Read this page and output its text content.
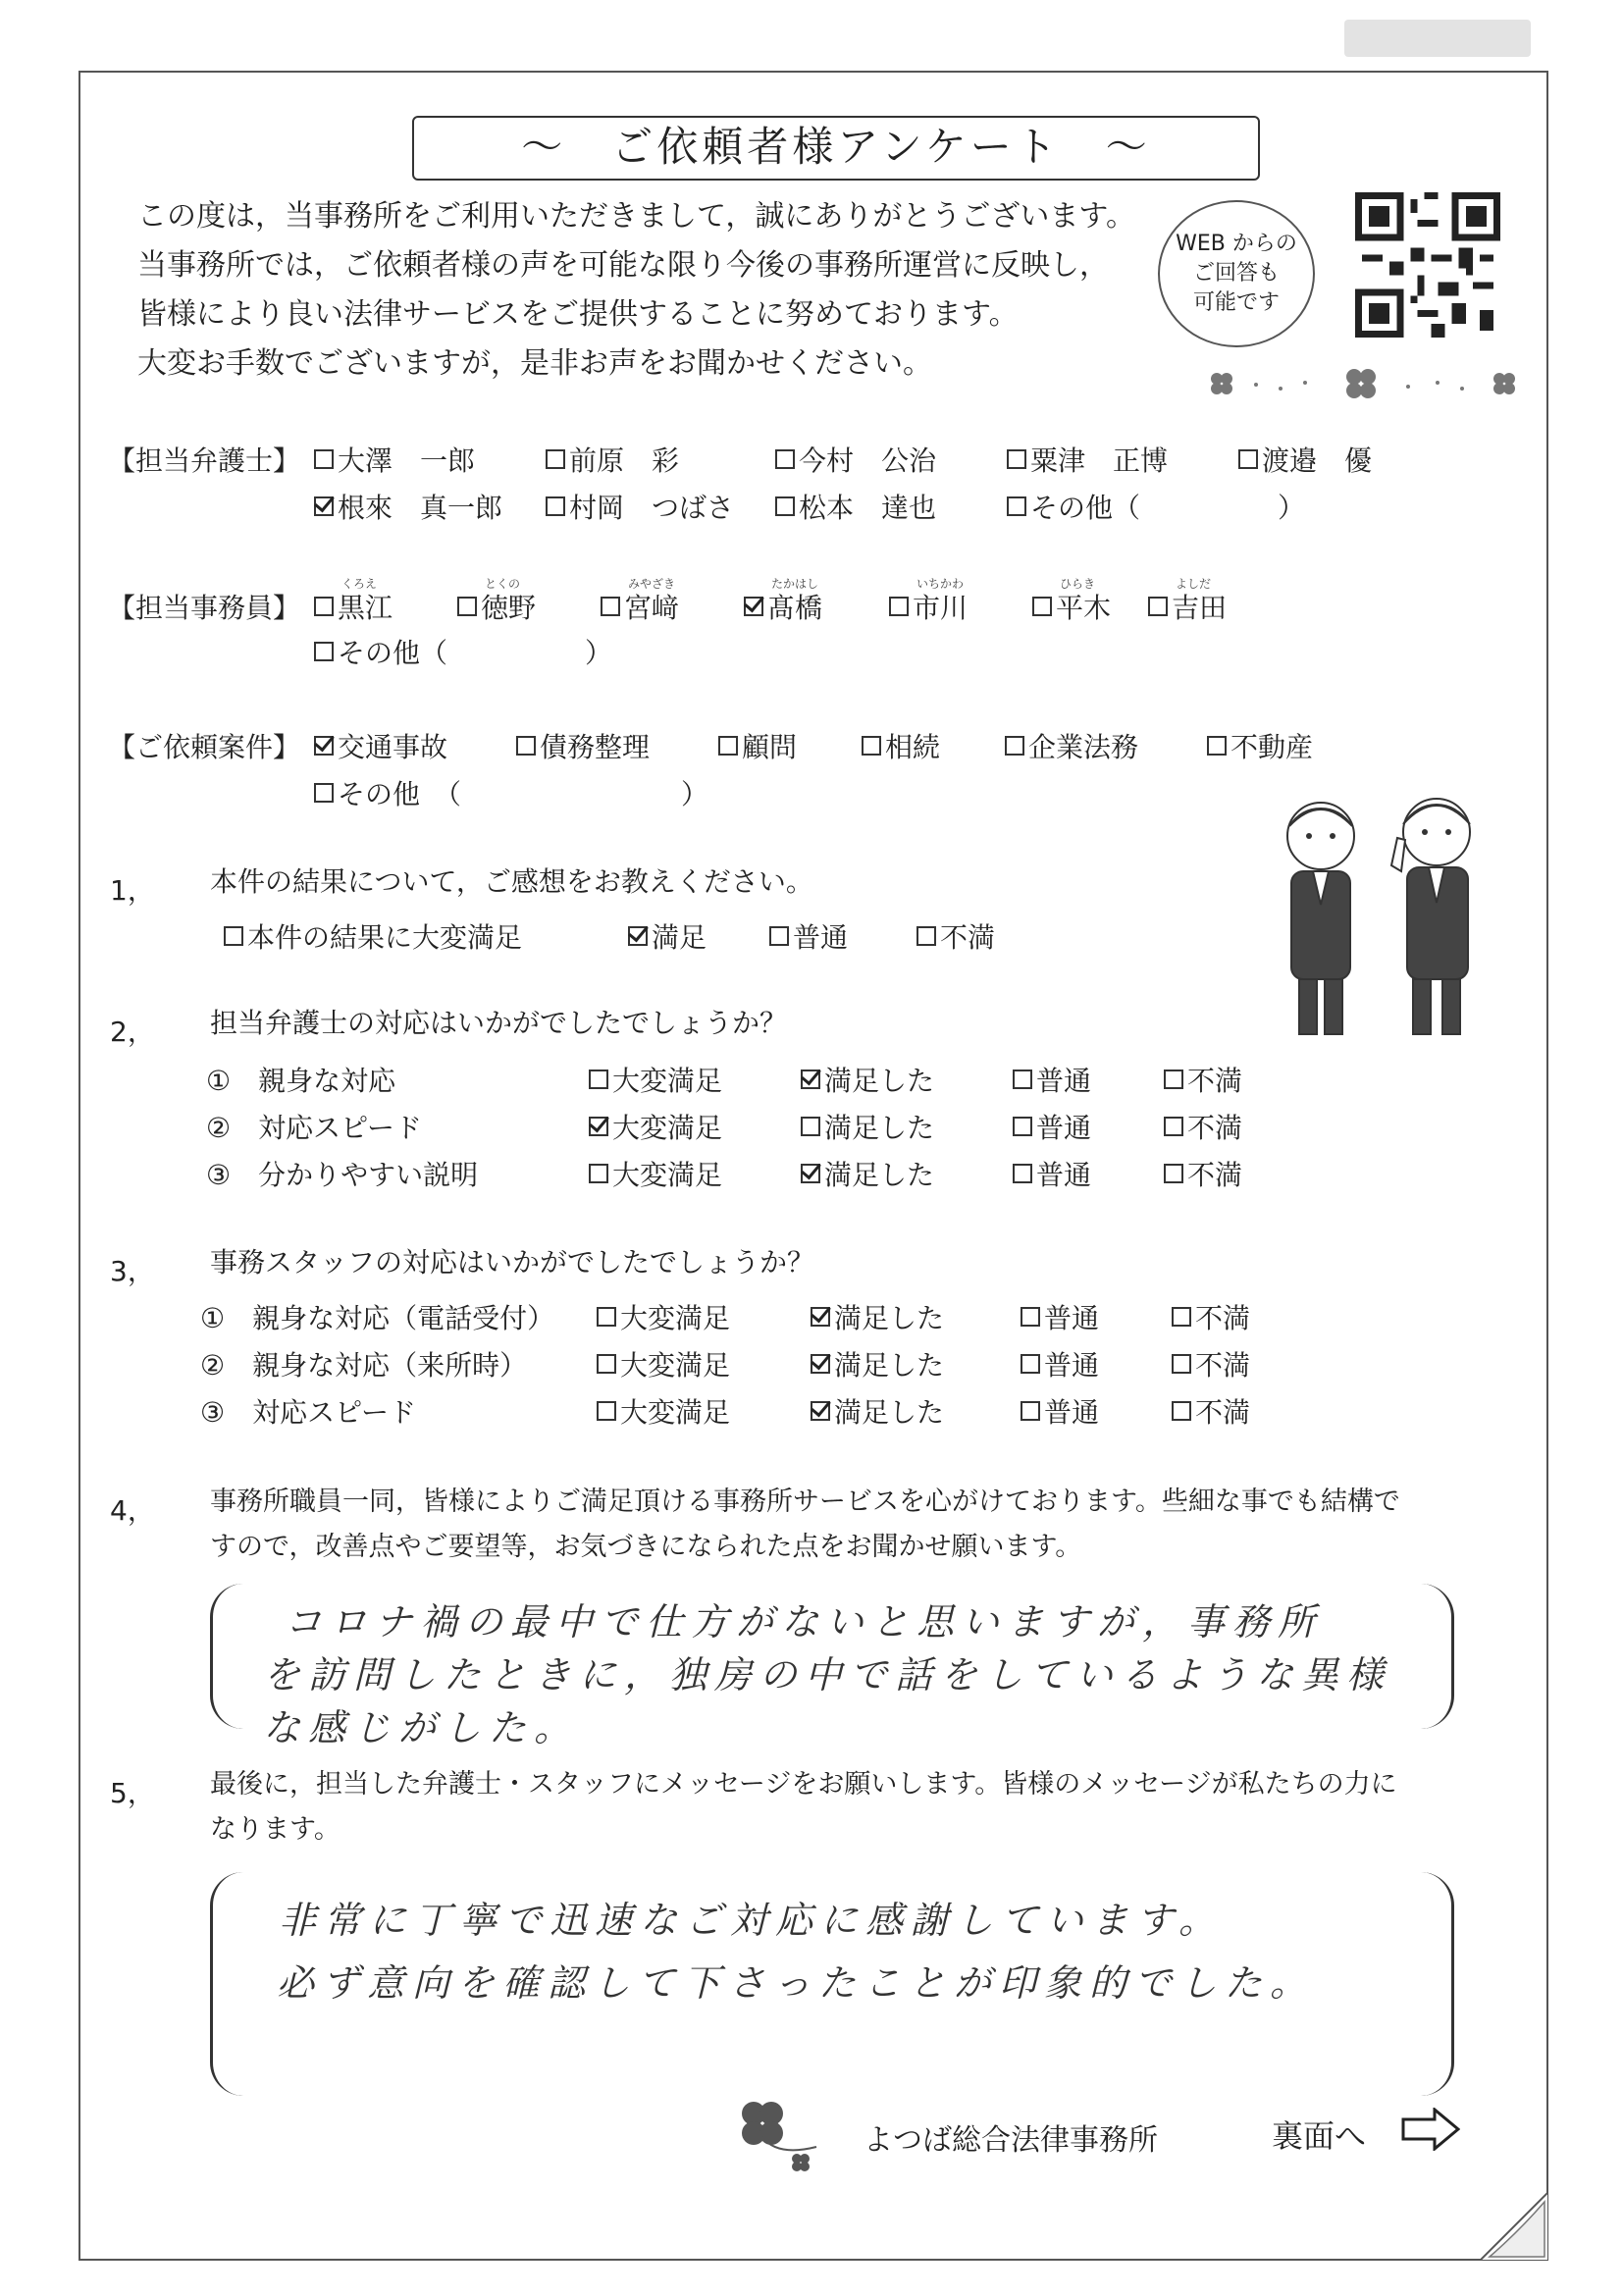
～　ご依頼者様アンケート　～
この度は，当事務所をご利用いただきまして，誠にありがとうございます。
当事務所では，ご依頼者様の声を可能な限り今後の事務所運営に反映し，
皆様により良い法律サービスをご提供することに努めております。
大変お手数でございますが，是非お声をお聞かせください。
WEB からの
ご回答も
可能です
【担当弁護士】 大澤　一郎	前原　彩	今村　公治	粟津　正博	渡邉　優
根來　真一郎 村岡　つばさ 松本　達也	その他（　　　　　）
【担当事務員】
くろえ
黒江
とくの
徳野
みやざき
宮﨑
たかはし
髙橋
いちかわ
市川
ひらき
平木
よしだ
吉田
その他（　　　　　）
【ご依頼案件】 交通事故	債務整理	顧問	相続	企業法務	不動産
その他　（　　　　　　　　）
1， 本件の結果について，ご感想をお教えください。
本件の結果に大変満足	満足	普通	不満
2， 担当弁護士の対応はいかがでしたでしょうか？
①　親身な対応	大変満足	満足した	普通	不満
②　対応スピード	大変満足	満足した	普通	不満
③　分かりやすい説明	大変満足	満足した	普通	不満
3， 事務スタッフの対応はいかがでしたでしょうか？
①　親身な対応（電話受付） 大変満足	満足した	普通	不満
②　親身な対応（来所時）	大変満足	満足した	普通	不満
③　対応スピード	大変満足	満足した	普通	不満
4， 事務所職員一同，皆様によりご満足頂ける事務所サービスを心がけております。些細な事でも結構で
すので，改善点やご要望等，お気づきになられた点をお聞かせ願います。
コロナ禍の最中で仕方がないと思いますが，事務所
を訪問したときに，独房の中で話をしているような異様
な感じがした。
5， 最後に，担当した弁護士・スタッフにメッセージをお願いします。皆様のメッセージが私たちの力に
なります。
非常に丁寧で迅速なご対応に感謝しています。
必ず意向を確認して下さったことが印象的でした。
よつば総合法律事務所	裏面へ
